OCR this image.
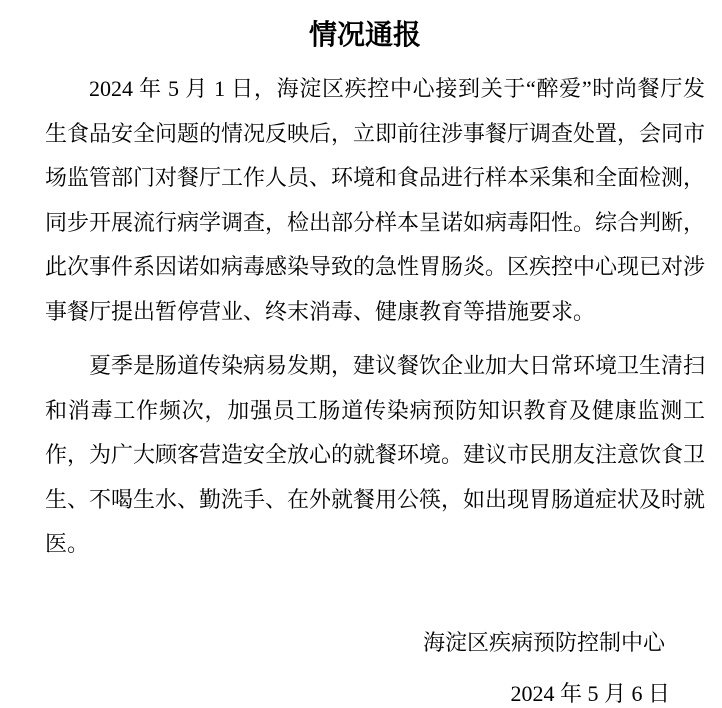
情况通报

2024 年 5 月 1 日，海淀区疾控中心接到关于“醉爱”时尚餐厅发生食品安全问题的情况反映后，立即前往涉事餐厅调查处置，会同市场监管部门对餐厅工作人员、环境和食品进行样本采集和全面检测，同步开展流行病学调查，检出部分样本呈诺如病毒阳性。综合判断，此次事件系因诺如病毒感染导致的急性胃肠炎。区疾控中心现已对涉事餐厅提出暂停营业、终末消毒、健康教育等措施要求。

夏季是肠道传染病易发期，建议餐饮企业加大日常环境卫生清扫和消毒工作频次，加强员工肠道传染病预防知识教育及健康监测工作，为广大顾客营造安全放心的就餐环境。建议市民朋友注意饮食卫生、不喝生水、勤洗手、在外就餐用公筷，如出现胃肠道症状及时就医。

海淀区疾病预防控制中心
2024 年 5 月 6 日
